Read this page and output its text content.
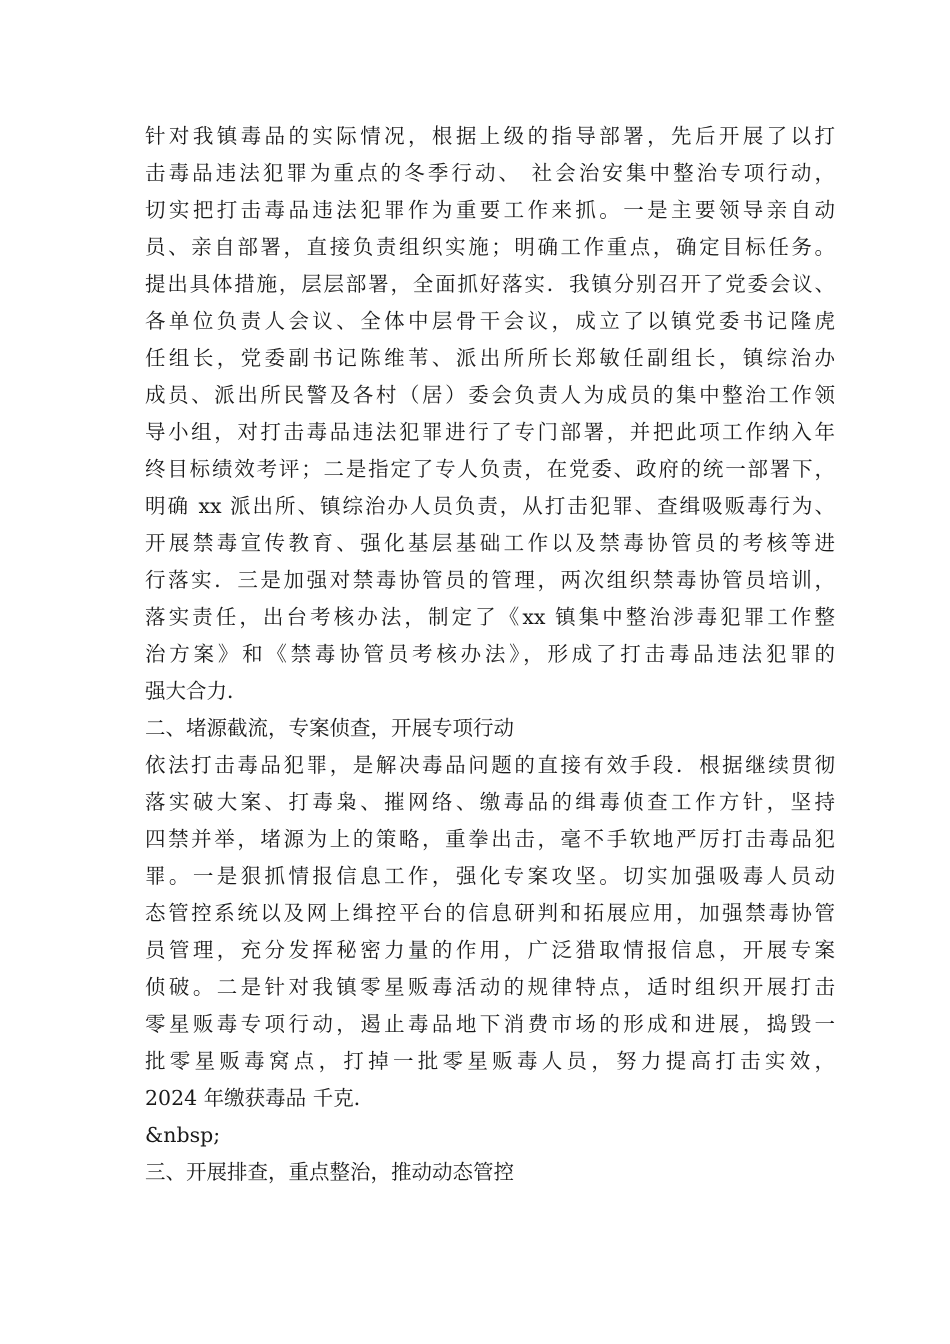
针对我镇毒品的实际情况，根据上级的指导部署，先后开展了以打
击毒品违法犯罪为重点的冬季行动、 社会治安集中整治专项行动，
切实把打击毒品违法犯罪作为重要工作来抓。一是主要领导亲自动
员、亲自部署，直接负责组织实施；明确工作重点，确定目标任务。
提出具体措施，层层部署，全面抓好落实．我镇分别召开了党委会议、
各单位负责人会议、全体中层骨干会议，成立了以镇党委书记隆虎
任组长，党委副书记陈维苇、派出所所长郑敏任副组长，镇综治办
成员、派出所民警及各村（居）委会负责人为成员的集中整治工作领
导小组，对打击毒品违法犯罪进行了专门部署，并把此项工作纳入年
终目标绩效考评；二是指定了专人负责，在党委、政府的统一部署下，
明确 xx 派出所、镇综治办人员负责，从打击犯罪、查缉吸贩毒行为、
开展禁毒宣传教育、强化基层基础工作以及禁毒协管员的考核等进
行落实．三是加强对禁毒协管员的管理，两次组织禁毒协管员培训，
落实责任，出台考核办法，制定了《xx 镇集中整治涉毒犯罪工作整
治方案》和《禁毒协管员考核办法》，形成了打击毒品违法犯罪的
强大合力．
二、堵源截流，专案侦查，开展专项行动
依法打击毒品犯罪，是解决毒品问题的直接有效手段．根据继续贯彻
落实破大案、打毒枭、摧网络、缴毒品的缉毒侦查工作方针，坚持
四禁并举，堵源为上的策略，重拳出击，毫不手软地严厉打击毒品犯
罪。一是狠抓情报信息工作，强化专案攻坚。切实加强吸毒人员动
态管控系统以及网上缉控平台的信息研判和拓展应用，加强禁毒协管
员管理，充分发挥秘密力量的作用，广泛猎取情报信息，开展专案
侦破。二是针对我镇零星贩毒活动的规律特点，适时组织开展打击
零星贩毒专项行动，遏止毒品地下消费市场的形成和进展，捣毁一
批零星贩毒窝点，打掉一批零星贩毒人员，努力提高打击实效，
2024 年缴获毒品 千克．
&nbsp;
三、开展排查，重点整治，推动动态管控
